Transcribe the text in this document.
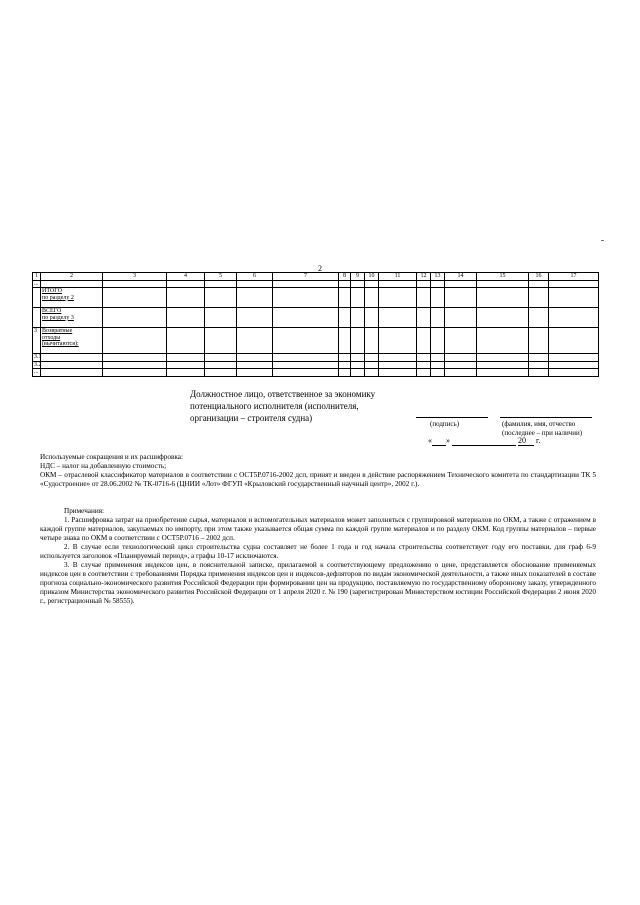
2
1	2	3	4	5	6	7	8	9	10	11	12	13	14	15	16	17
...																

	ИТОГО
по разделу 2															

	ВСЕГО
по разделу 3															

3	Возвратные
отходы
(вычитаются):															

3.1																
3.2																
...																
Должностное лицо, ответственное за экономику
потенциального исполнителя (исполнителя,
организации – строителя судна)
(подпись)	(фамилия, имя, отчество
(последнее – при наличии)
« »	20 г.

Используемые сокращения и их расшифровка:

НДС – налог на добавленную стоимость;

ОКМ – отраслевой классификатор материалов в соответствии с ОСТ5Р.0716-2002 дсп, принят и введен в действие распоряжением Технического комитета по стандартизации ТК 5 «Судостроение» от 28.06.2002 № ТК-0716-6 (ЦНИИ «Лот» ФГУП «Крыловский государственный научный центр», 2002 г.).

Примечания:

1. Расшифровка затрат на приобретение сырья, материалов и вспомогательных материалов может заполняться с группировкой материалов по ОКМ, а также с отражением в каждой группе материалов, закупаемых по импорту, при этом также указывается общая сумма по каждой группе материалов и по разделу ОКМ. Код группы материалов – первые четыре знака по ОКМ в соответствии с ОСТ5Р.0716 – 2002 дсп.

2. В случае если технологический цикл строительства судна составляет не более 1 года и год начала строительства соответствует году его поставки, для граф 6-9 используется заголовок «Планируемый период», а графы 10-17 исключаются.

3. В случае применения индексов цен, в пояснительной записке, прилагаемой к соответствующему предложению о цене, представляется обоснование применяемых индексов цен в соответствии с требованиями Порядка применения индексов цен и индексов-дефляторов по видам экономической деятельности, а также иных показателей в составе прогноза социально-экономического развития Российской Федерации при формировании цен на продукцию, поставляемую по государственному оборонному заказу, утвержденного приказом Министерства экономического развития Российской Федерации от 1 апреля 2020 г. № 190 (зарегистрирован Министерством юстиции Российской Федерации 2 июня 2020 г., регистрационный № 58555).
